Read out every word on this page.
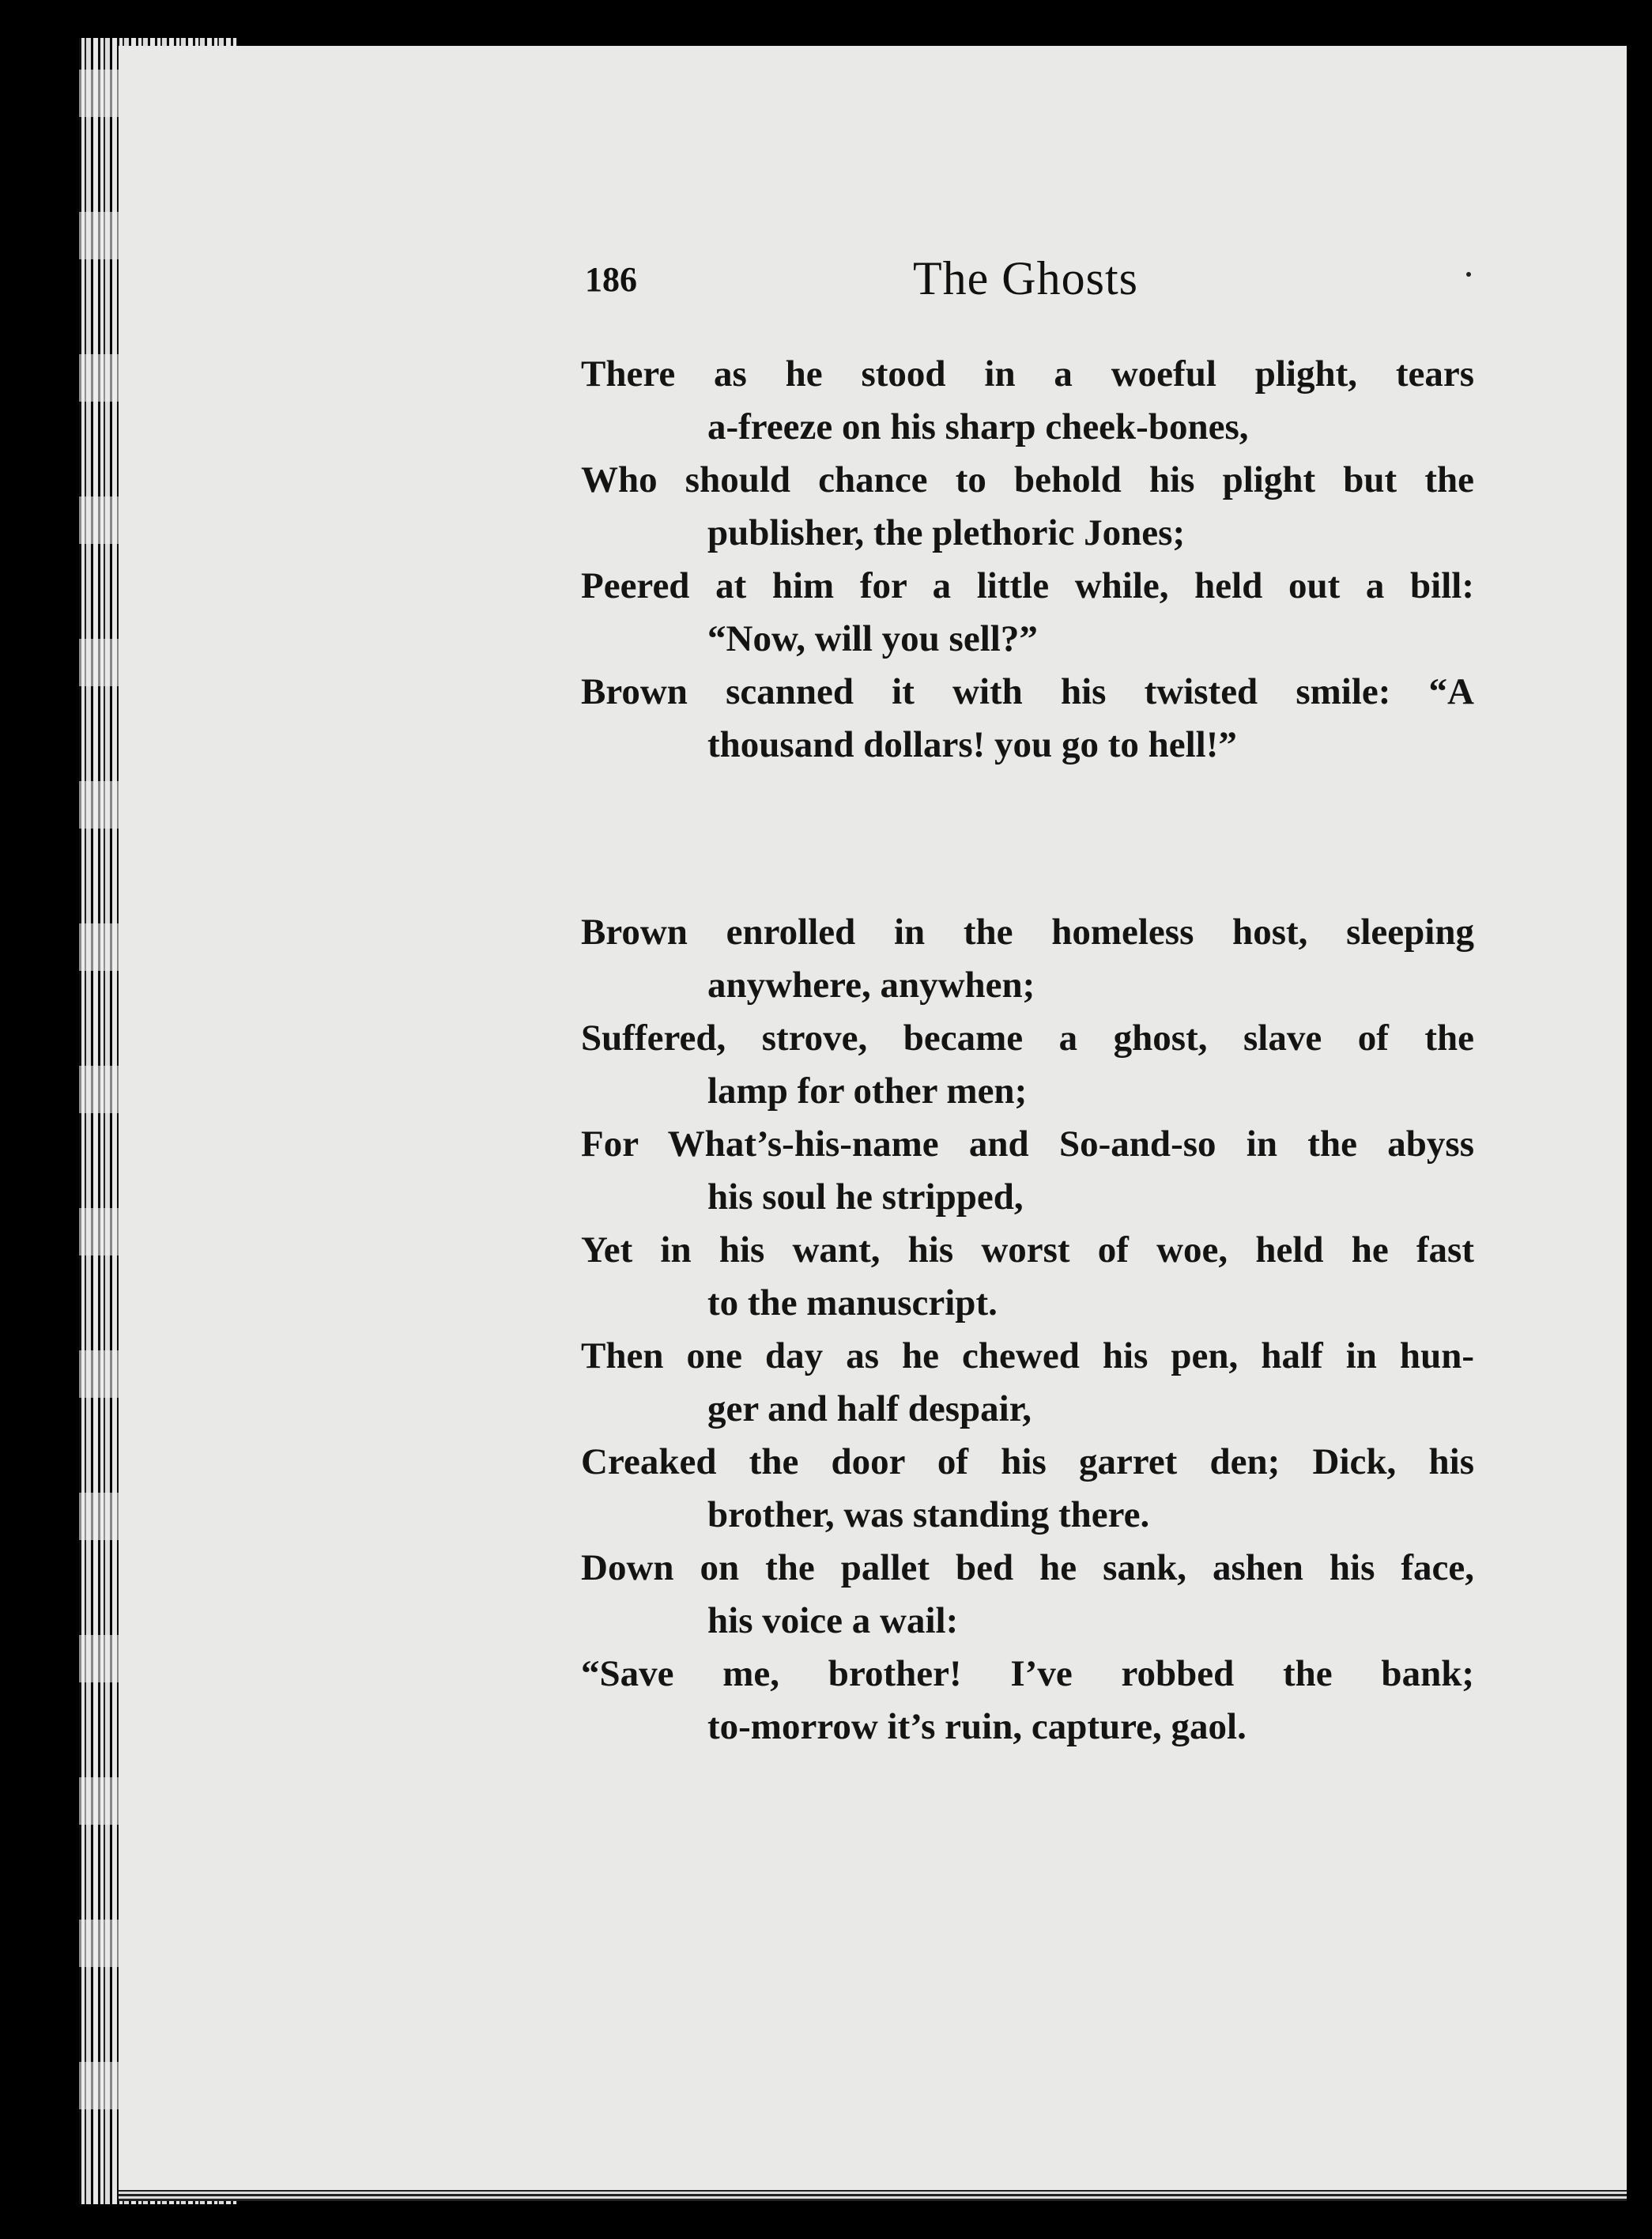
186	The Ghosts
There as he stood in a woeful plight, tears
a-freeze on his sharp cheek-bones,
Who should chance to behold his plight but the
publisher, the plethoric Jones;
Peered at him for a little while, held out a bill:
“Now, will you sell?”
Brown scanned it with his twisted smile: “A
thousand dollars! you go to hell!”
Brown enrolled in the homeless host, sleeping
anywhere, anywhen;
Suffered, strove, became a ghost, slave of the
lamp for other men;
For What’s-his-name and So-and-so in the abyss
his soul he stripped,
Yet in his want, his worst of woe, held he fast
to the manuscript.
Then one day as he chewed his pen, half in hun-
ger and half despair,
Creaked the door of his garret den; Dick, his
brother, was standing there.
Down on the pallet bed he sank, ashen his face,
his voice a wail:
“Save me, brother! I’ve robbed the bank;
to-morrow it’s ruin, capture, gaol.
